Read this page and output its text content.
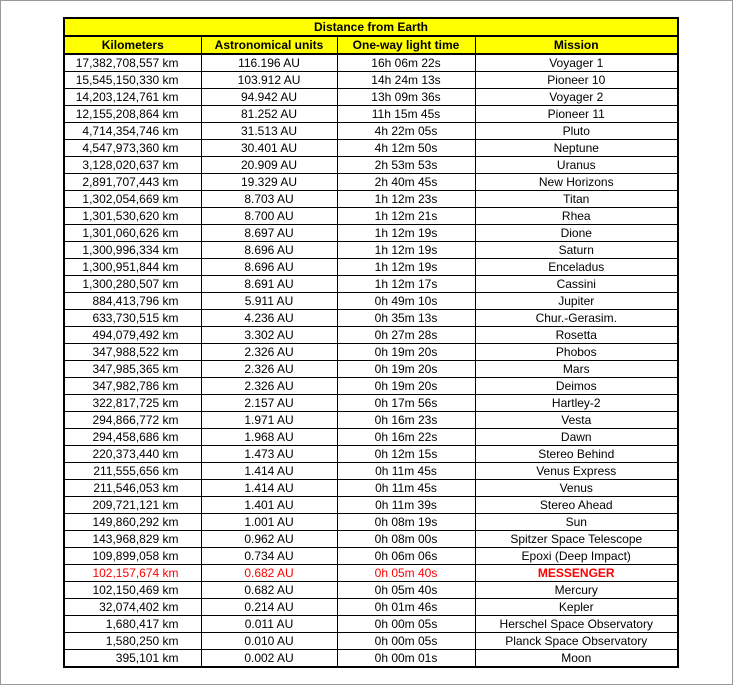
Distance from Earth			
Kilometers	Astronomical units	One-way light time	Mission
17,382,708,557 km	116.196 AU	16h 06m 22s	Voyager 1
15,545,150,330 km	103.912 AU	14h 24m 13s	Pioneer 10
14,203,124,761 km	94.942 AU	13h 09m 36s	Voyager 2
12,155,208,864 km	81.252 AU	11h 15m 45s	Pioneer 11
4,714,354,746 km	31.513 AU	4h 22m 05s	Pluto
4,547,973,360 km	30.401 AU	4h 12m 50s	Neptune
3,128,020,637 km	20.909 AU	2h 53m 53s	Uranus
2,891,707,443 km	19.329 AU	2h 40m 45s	New Horizons
1,302,054,669 km	8.703 AU	1h 12m 23s	Titan
1,301,530,620 km	8.700 AU	1h 12m 21s	Rhea
1,301,060,626 km	8.697 AU	1h 12m 19s	Dione
1,300,996,334 km	8.696 AU	1h 12m 19s	Saturn
1,300,951,844 km	8.696 AU	1h 12m 19s	Enceladus
1,300,280,507 km	8.691 AU	1h 12m 17s	Cassini
884,413,796 km	5.911 AU	0h 49m 10s	Jupiter
633,730,515 km	4.236 AU	0h 35m 13s	Chur.-Gerasim.
494,079,492 km	3.302 AU	0h 27m 28s	Rosetta
347,988,522 km	2.326 AU	0h 19m 20s	Phobos
347,985,365 km	2.326 AU	0h 19m 20s	Mars
347,982,786 km	2.326 AU	0h 19m 20s	Deimos
322,817,725 km	2.157 AU	0h 17m 56s	Hartley-2
294,866,772 km	1.971 AU	0h 16m 23s	Vesta
294,458,686 km	1.968 AU	0h 16m 22s	Dawn
220,373,440 km	1.473 AU	0h 12m 15s	Stereo Behind
211,555,656 km	1.414 AU	0h 11m 45s	Venus Express
211,546,053 km	1.414 AU	0h 11m 45s	Venus
209,721,121 km	1.401 AU	0h 11m 39s	Stereo Ahead
149,860,292 km	1.001 AU	0h 08m 19s	Sun
143,968,829 km	0.962 AU	0h 08m 00s	Spitzer Space Telescope
109,899,058 km	0.734 AU	0h 06m 06s	Epoxi (Deep Impact)
102,157,674 km	0.682 AU	0h 05m 40s	MESSENGER
102,150,469 km	0.682 AU	0h 05m 40s	Mercury
32,074,402 km	0.214 AU	0h 01m 46s	Kepler
1,680,417 km	0.011 AU	0h 00m 05s	Herschel Space Observatory
1,580,250 km	0.010 AU	0h 00m 05s	Planck Space Observatory
395,101 km	0.002 AU	0h 00m 01s	Moon
